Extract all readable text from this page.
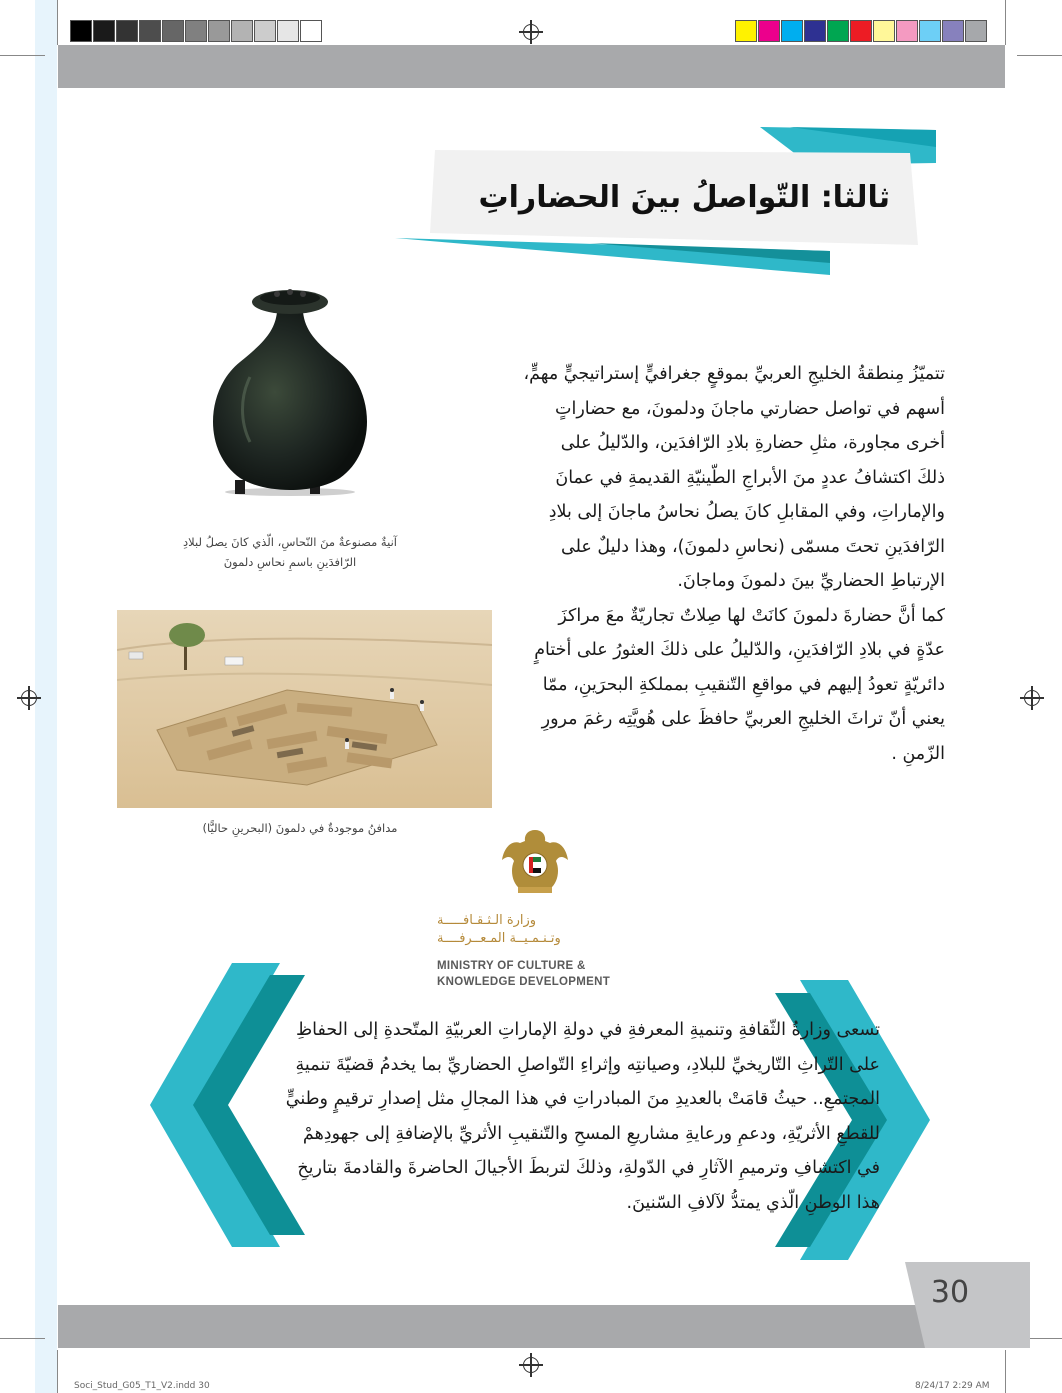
ثالثا: التّواصلُ بينَ الحضاراتِ
آنيةٌ مصنوعةٌ منَ النّحاسِ، الّذي كانَ يصلُ لبلادِ
الرّافدَينِ باسمِ نحاسِ دلمونَ

تتميّزُ مِنطقةُ الخليجِ العربيِّ بموقعٍ جغرافيٍّ إستراتيجيٍّ مهمٍّ،

أسهم في تواصل حضارتي ماجانَ ودلمونَ، مع حضاراتٍ

أخرى مجاورة، مثلِ حضارةِ بلادِ الرّافدَين، والدّليلُ على

ذلكَ اكتشافُ عددٍ منَ الأبراجِ الطّينيّةِ القديمةِ في عمانَ

والإماراتِ، وفي المقابلِ كانَ يصلُ نحاسُ ماجانَ إلى بلادِ

الرّافدَينِ تحتَ مسمّى (نحاسِ دلمونَ)، وهذا دليلٌ على

الإرتباطِ الحضاريِّ بينَ دلمونَ وماجانَ.

كما أنَّ حضارةَ دلمونَ كانَتْ لها صِلاتٌ تجاريّةٌ معَ مراكزَ

عدّةٍ في بلادِ الرّافدَينِ، والدّليلُ على ذلكَ العثورُ على أختامٍ

دائريّةٍ تعودُ إليهم في مواقعِ التّنقيبِ بمملكةِ البحرَينِ، ممّا

يعني أنّ تراثَ الخليجِ العربيِّ حافظَ على هُويَّتِه رغمَ مرورِ

الزّمنِ .

مدافنُ موجودةٌ في دلمونَ (البحرينِ حاليًّا)
وزارة الـثـقـافـــــة
وتـنـمـيــة المـعــرفــــة
MINISTRY OF CULTURE &
KNOWLEDGE DEVELOPMENT

تسعى وزارةُ الثّقافةِ وتنميةِ المعرفةِ في دولةِ الإماراتِ العربيّةِ المتّحدةِ إلى الحفاظِ

على التّراثِ التّاريخيِّ للبلادِ، وصيانتِه وإثراءِ التّواصلِ الحضاريِّ بما يخدمُ قضيّةَ تنميةِ

المجتمعِ.. حيثُ قامَتْ بالعديدِ منَ المبادراتِ في هذا المجالِ مثل إصدارِ ترقيمٍ وطنيٍّ

للقطعِ الأثريّةِ، ودعمِ ورعايةِ مشاريعِ المسحِ والتّنقيبِ الأثريِّ بالإضافةِ إلى جهودِهمْ

في اكتشافِ وترميمِ الآثارِ في الدّولةِ، وذلكَ لتربطَ الأجيالَ الحاضرةَ والقادمةَ بتاريخِ

هذا الوطنِ الّذي يمتدُّ لآلافِ السّنينَ.

30
Soci_Stud_G05_T1_V2.indd 30	8/24/17 2:29 AM
